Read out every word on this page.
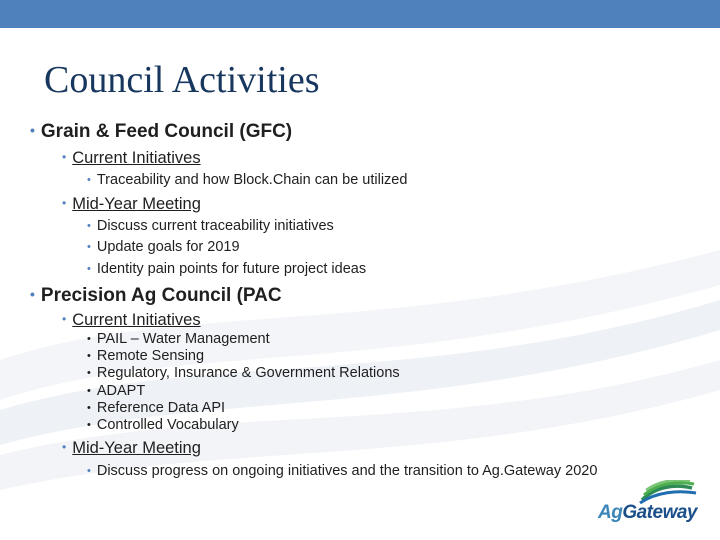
Council Activities
• Grain & Feed Council (GFC)
• Current Initiatives
• Traceability and how Block.Chain can be utilized
• Mid-Year Meeting
• Discuss current traceability initiatives
• Update goals for 2019
• Identity pain points for future project ideas
• Precision Ag Council (PAC
• Current Initiatives
• PAIL – Water Management
• Remote Sensing
• Regulatory, Insurance & Government Relations
• ADAPT
• Reference Data API
• Controlled Vocabulary
• Mid-Year Meeting
• Discuss progress on ongoing initiatives and the transition to Ag.Gateway 2020
AgGateway
